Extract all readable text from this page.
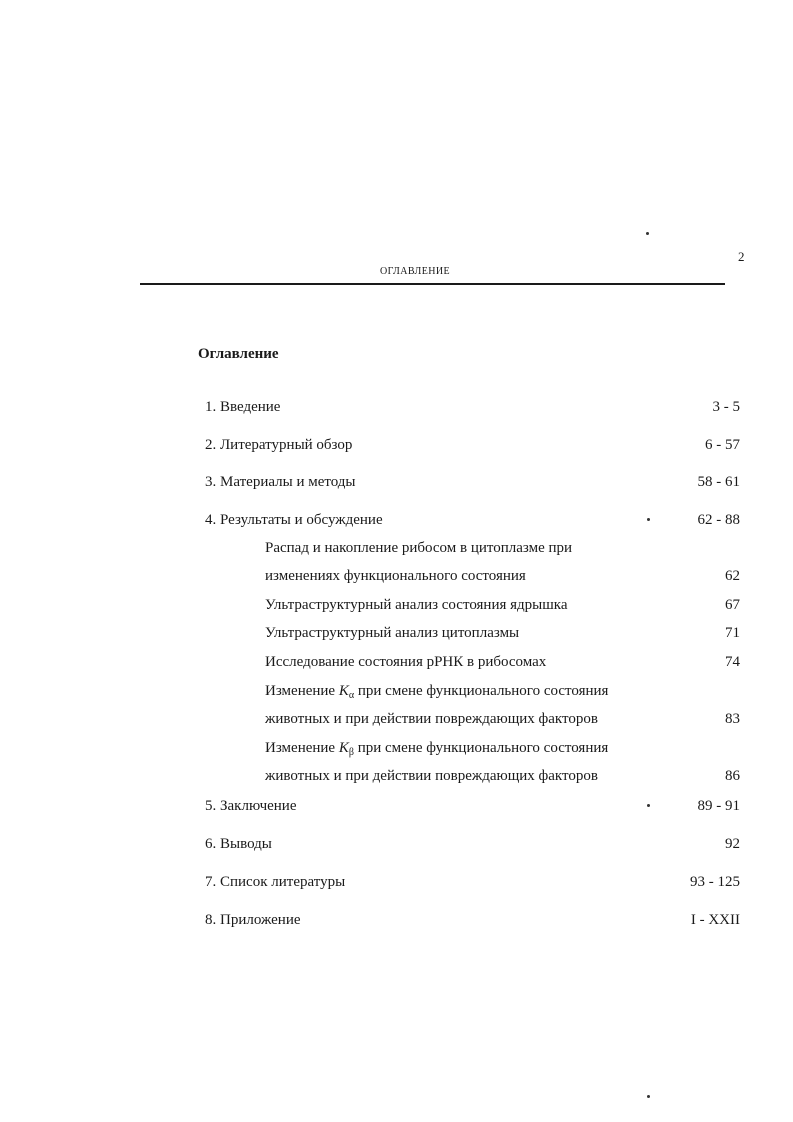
2
ОГЛАВЛЕНИЕ
Оглавление
1. Введение	3 - 5
2. Литературный обзор	6 - 57
3. Материалы и методы	58 - 61
4. Результаты и обсуждение	62 - 88
Распад и накопление рибосом в цитоплазме при
изменениях функционального состояния	62
Ультраструктурный анализ состояния ядрышка	67
Ультраструктурный анализ цитоплазмы	71
Исследование состояния рРНК в рибосомах	74
Изменение $K_\alpha$ при смене функционального состояния
животных и при действии повреждающих факторов	83
Изменение $K_\beta$ при смене функционального состояния
животных и при действии повреждающих факторов	86
5. Заключение	89 - 91
6. Выводы	92
7. Список литературы	93 - 125
8. Приложение	I - XXII
